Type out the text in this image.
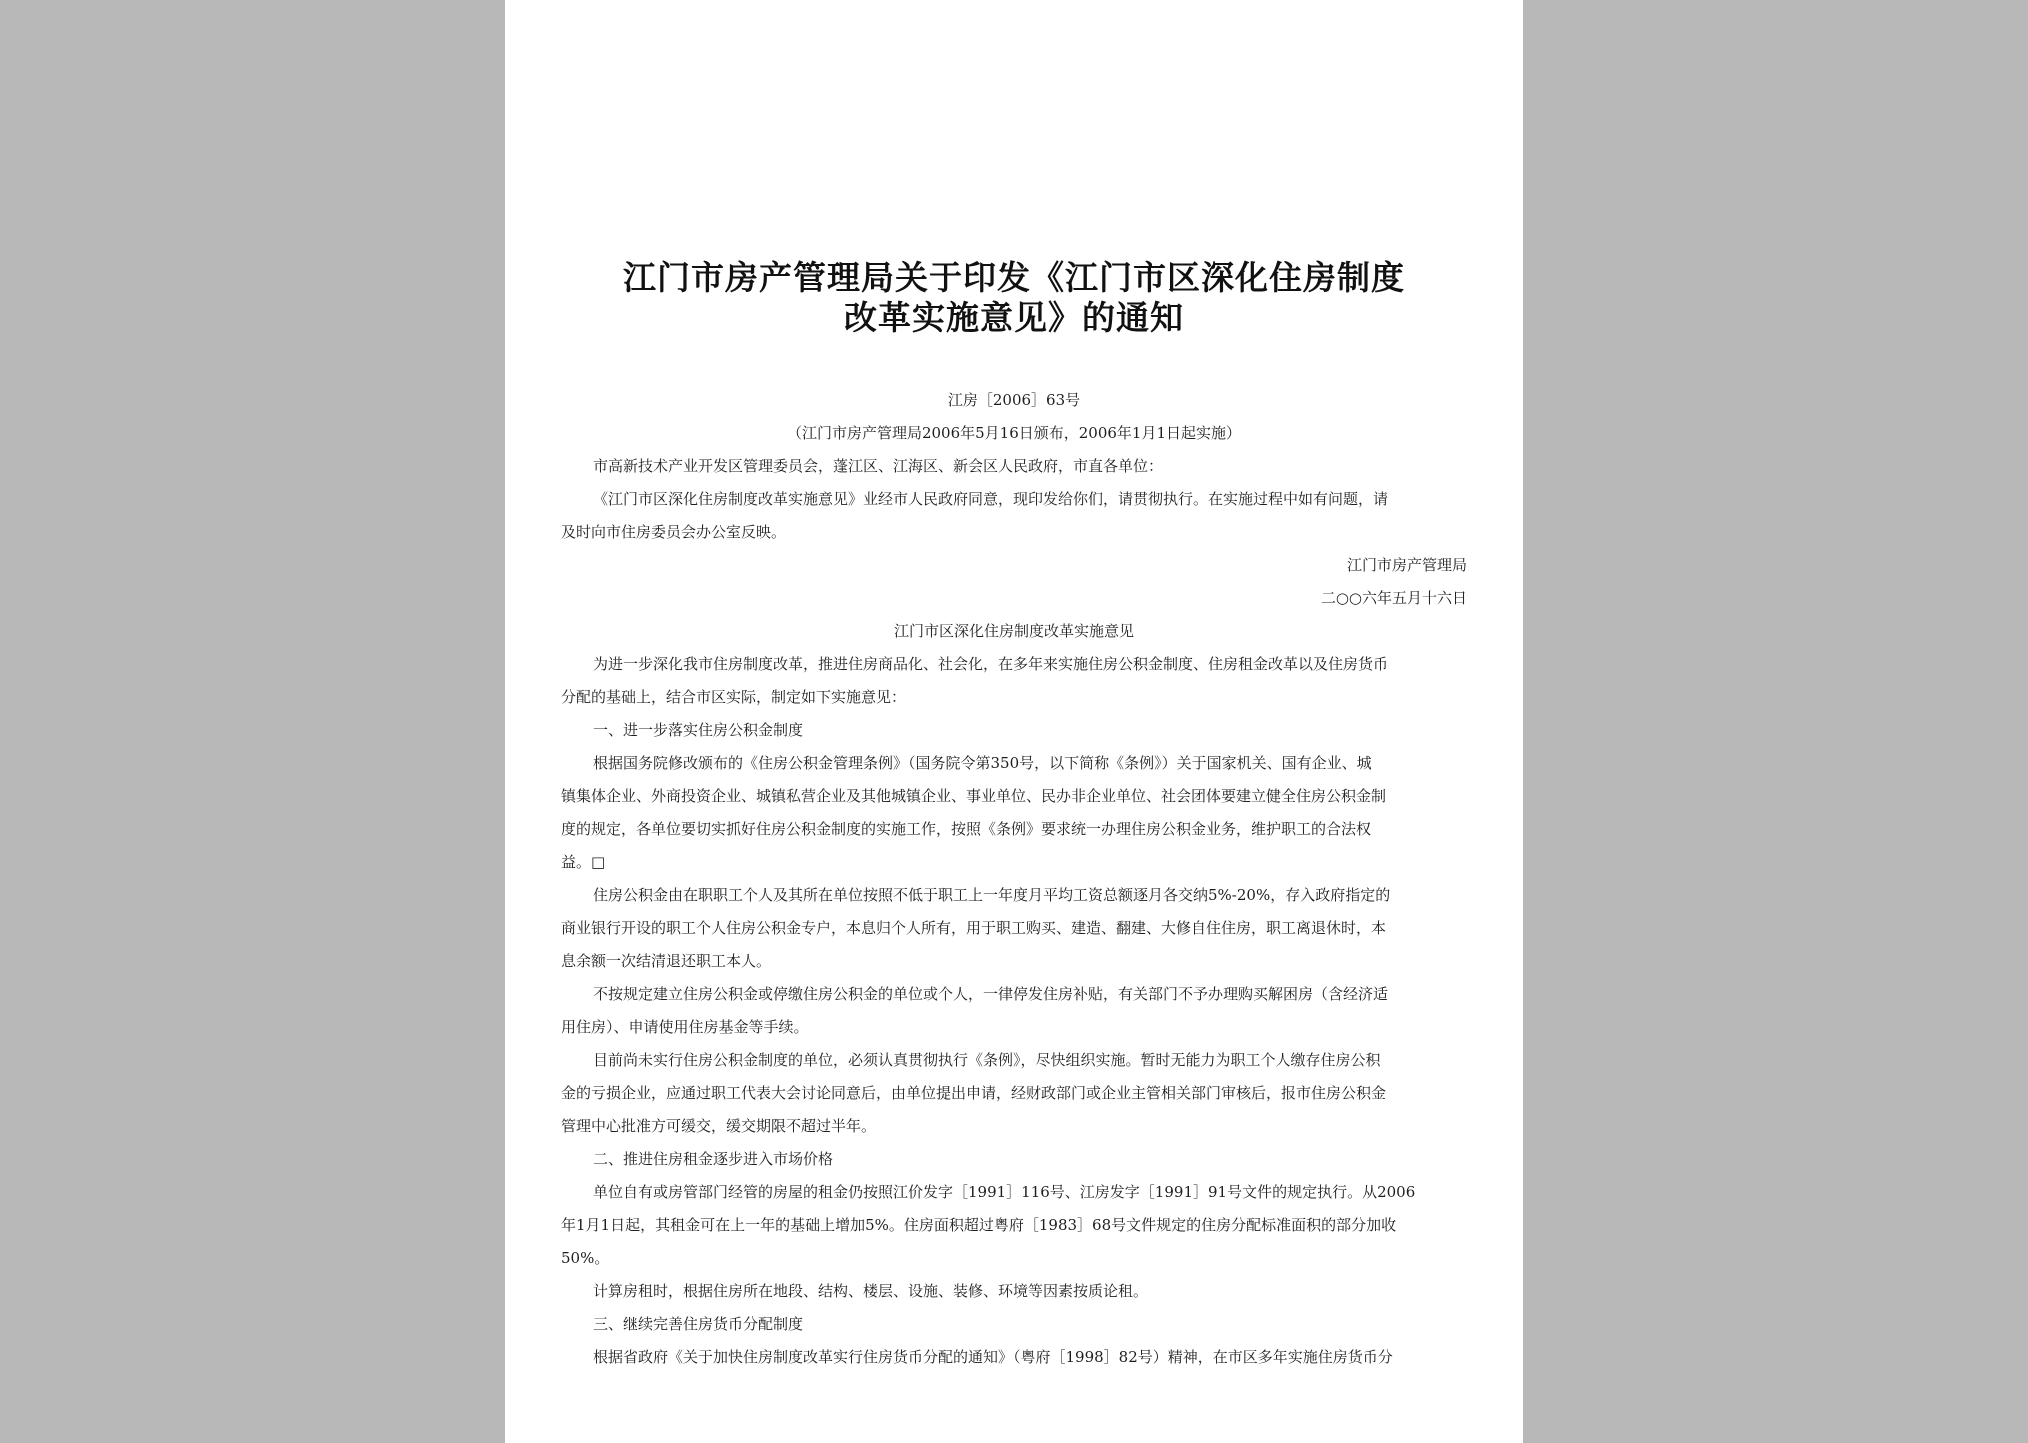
江门市房产管理局关于印发《江门市区深化住房制度
改革实施意见》的通知
江房［2006］63号
（江门市房产管理局2006年5月16日颁布，2006年1月1日起实施）
市高新技术产业开发区管理委员会，蓬江区、江海区、新会区人民政府，市直各单位：
《江门市区深化住房制度改革实施意见》业经市人民政府同意，现印发给你们，请贯彻执行。在实施过程中如有问题，请
及时向市住房委员会办公室反映。
江门市房产管理局
二○○六年五月十六日
江门市区深化住房制度改革实施意见
为进一步深化我市住房制度改革，推进住房商品化、社会化，在多年来实施住房公积金制度、住房租金改革以及住房货币
分配的基础上，结合市区实际，制定如下实施意见：
一、进一步落实住房公积金制度
根据国务院修改颁布的《住房公积金管理条例》（国务院令第350号，以下简称《条例》）关于国家机关、国有企业、城
镇集体企业、外商投资企业、城镇私营企业及其他城镇企业、事业单位、民办非企业单位、社会团体要建立健全住房公积金制
度的规定，各单位要切实抓好住房公积金制度的实施工作，按照《条例》要求统一办理住房公积金业务，维护职工的合法权
益。□
住房公积金由在职职工个人及其所在单位按照不低于职工上一年度月平均工资总额逐月各交纳5%-20%，存入政府指定的
商业银行开设的职工个人住房公积金专户，本息归个人所有，用于职工购买、建造、翻建、大修自住住房，职工离退休时，本
息余额一次结清退还职工本人。
不按规定建立住房公积金或停缴住房公积金的单位或个人，一律停发住房补贴，有关部门不予办理购买解困房（含经济适
用住房）、申请使用住房基金等手续。
目前尚未实行住房公积金制度的单位，必须认真贯彻执行《条例》，尽快组织实施。暂时无能力为职工个人缴存住房公积
金的亏损企业，应通过职工代表大会讨论同意后，由单位提出申请，经财政部门或企业主管相关部门审核后，报市住房公积金
管理中心批准方可缓交，缓交期限不超过半年。
二、推进住房租金逐步进入市场价格
单位自有或房管部门经管的房屋的租金仍按照江价发字［1991］116号、江房发字［1991］91号文件的规定执行。从2006
年1月1日起，其租金可在上一年的基础上增加5%。住房面积超过粤府［1983］68号文件规定的住房分配标准面积的部分加收
50%。
计算房租时，根据住房所在地段、结构、楼层、设施、装修、环境等因素按质论租。
三、继续完善住房货币分配制度
根据省政府《关于加快住房制度改革实行住房货币分配的通知》（粤府［1998］82号）精神，在市区多年实施住房货币分
